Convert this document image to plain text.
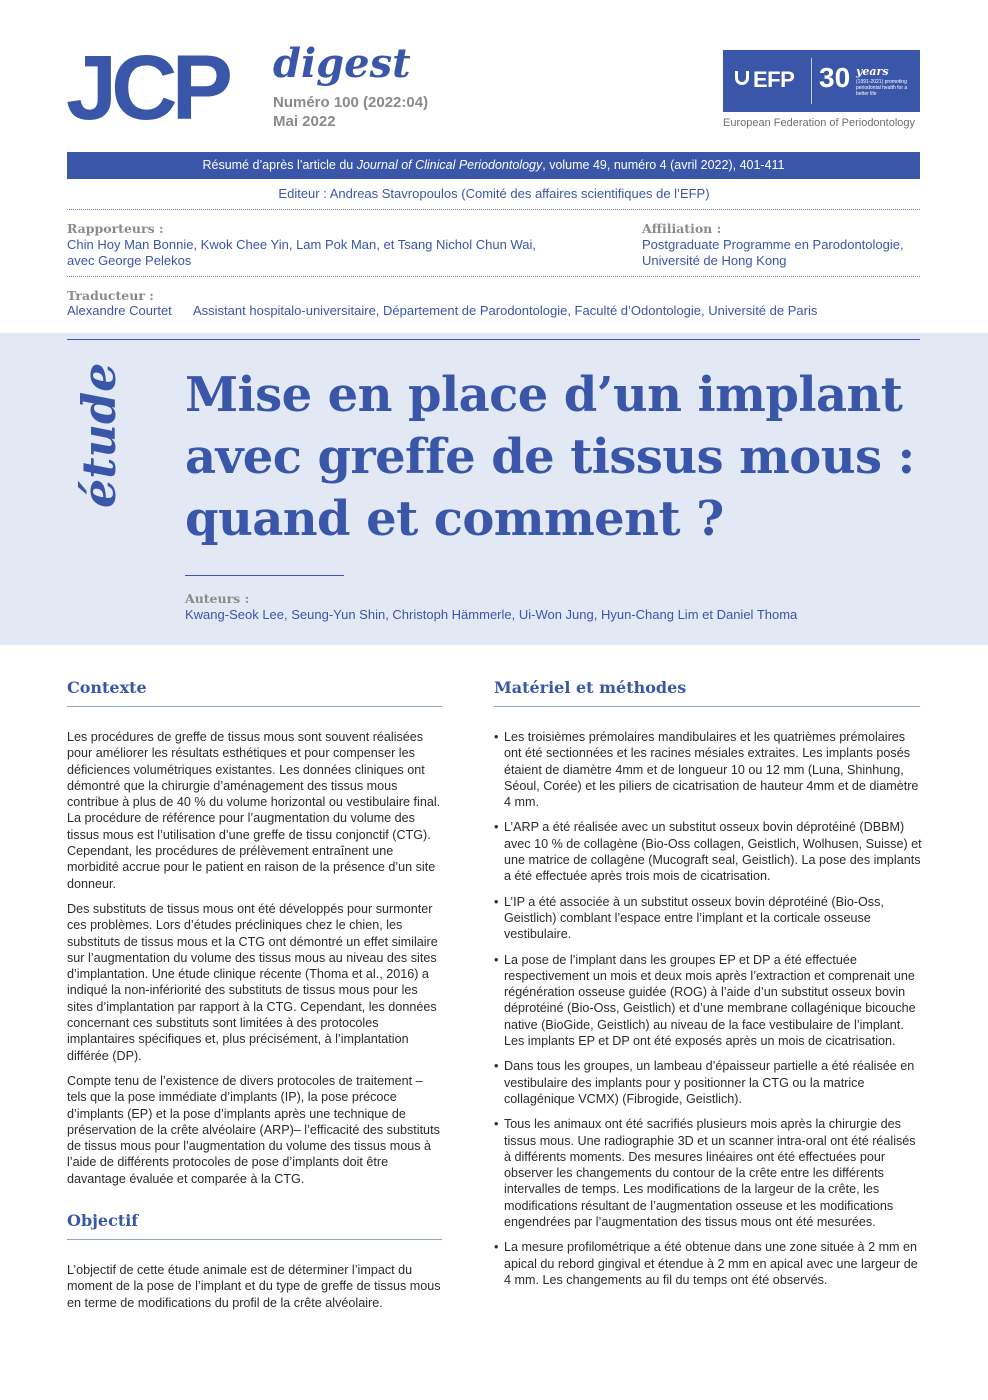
JCP digest
Numéro 100 (2022:04)
Mai 2022
EFP 30 years
(1991-2021) promoting periodontal health for a better life
European Federation of Periodontology
Résumé d’après l’article du Journal of Clinical Periodontology, volume 49, numéro 4 (avril 2022), 401-411
Editeur : Andreas Stavropoulos (Comité des affaires scientifiques de l’EFP)
Rapporteurs :
Chin Hoy Man Bonnie, Kwok Chee Yin, Lam Pok Man, et Tsang Nichol Chun Wai,
avec George Pelekos
Affiliation :
Postgraduate Programme en Parodontologie,
Université de Hong Kong
Traducteur :
Alexandre Courtet Assistant hospitalo-universitaire, Département de Parodontologie, Faculté d’Odontologie, Université de Paris
étude Mise en place d’un implant
avec greffe de tissus mous :
quand et comment ?
Auteurs :
Kwang-Seok Lee, Seung-Yun Shin, Christoph Hämmerle, Ui-Won Jung, Hyun-Chang Lim et Daniel Thoma
Contexte

Les procédures de greffe de tissus mous sont souvent réalisées pour améliorer les résultats esthétiques et pour compenser les déficiences volumétriques existantes. Les données cliniques ont démontré que la chirurgie d’aménagement des tissus mous contribue à plus de 40 % du volume horizontal ou vestibulaire final. La procédure de référence pour l’augmentation du volume des tissus mous est l’utilisation d’une greffe de tissu conjonctif (CTG). Cependant, les procédures de prélèvement entraînent une morbidité accrue pour le patient en raison de la présence d’un site donneur.

Des substituts de tissus mous ont été développés pour surmonter ces problèmes. Lors d’études précliniques chez le chien, les substituts de tissus mous et la CTG ont démontré un effet similaire sur l’augmentation du volume des tissus mous au niveau des sites d’implantation. Une étude clinique récente (Thoma et al., 2016) a indiqué la non-infériorité des substituts de tissus mous pour les sites d’implantation par rapport à la CTG. Cependant, les données concernant ces substituts sont limitées à des protocoles implantaires spécifiques et, plus précisément, à l’implantation différée (DP).

Compte tenu de l’existence de divers protocoles de traitement –tels que la pose immédiate d’implants (IP), la pose précoce d’implants (EP) et la pose d’implants après une technique de préservation de la crête alvéolaire (ARP)– l’efficacité des substituts de tissus mous pour l’augmentation du volume des tissus mous à l’aide de différents protocoles de pose d’implants doit être davantage évaluée et comparée à la CTG.

Objectif

L’objectif de cette étude animale est de déterminer l’impact du moment de la pose de l’implant et du type de greffe de tissus mous en terme de modifications du profil de la crête alvéolaire.

Matériel et méthodes
• Les troisièmes prémolaires mandibulaires et les quatrièmes prémolaires ont été sectionnées et les racines mésiales extraites. Les implants posés étaient de diamètre 4mm et de longueur 10 ou 12 mm (Luna, Shinhung, Séoul, Corée) et les piliers de cicatrisation de hauteur 4mm et de diamètre 4 mm.
• L’ARP a été réalisée avec un substitut osseux bovin déprotéiné (DBBM) avec 10 % de collagène (Bio-Oss collagen, Geistlich, Wolhusen, Suisse) et une matrice de collagène (Mucograft seal, Geistlich). La pose des implants a été effectuée après trois mois de cicatrisation.
• L’IP a été associée à un substitut osseux bovin déprotéiné (Bio-Oss, Geistlich) comblant l’espace entre l’implant et la corticale osseuse vestibulaire.
• La pose de l’implant dans les groupes EP et DP a été effectuée respectivement un mois et deux mois après l’extraction et comprenait une régénération osseuse guidée (ROG) à l’aide d’un substitut osseux bovin déprotéiné (Bio-Oss, Geistlich) et d’une membrane collagénique bicouche native (BioGide, Geistlich) au niveau de la face vestibulaire de l’implant. Les implants EP et DP ont été exposés après un mois de cicatrisation.
• Dans tous les groupes, un lambeau d’épaisseur partielle a été réalisée en vestibulaire des implants pour y positionner la CTG ou la matrice collagénique VCMX) (Fibrogide, Geistlich).
• Tous les animaux ont été sacrifiés plusieurs mois après la chirurgie des tissus mous. Une radiographie 3D et un scanner intra-oral ont été réalisés à différents moments. Des mesures linéaires ont été effectuées pour observer les changements du contour de la crête entre les différents intervalles de temps. Les modifications de la largeur de la crête, les modifications résultant de l’augmentation osseuse et les modifications engendrées par l’augmentation des tissus mous ont été mesurées.
• La mesure profilométrique a été obtenue dans une zone située à 2 mm en apical du rebord gingival et étendue à 2 mm en apical avec une largeur de 4 mm. Les changements au fil du temps ont été observés.
